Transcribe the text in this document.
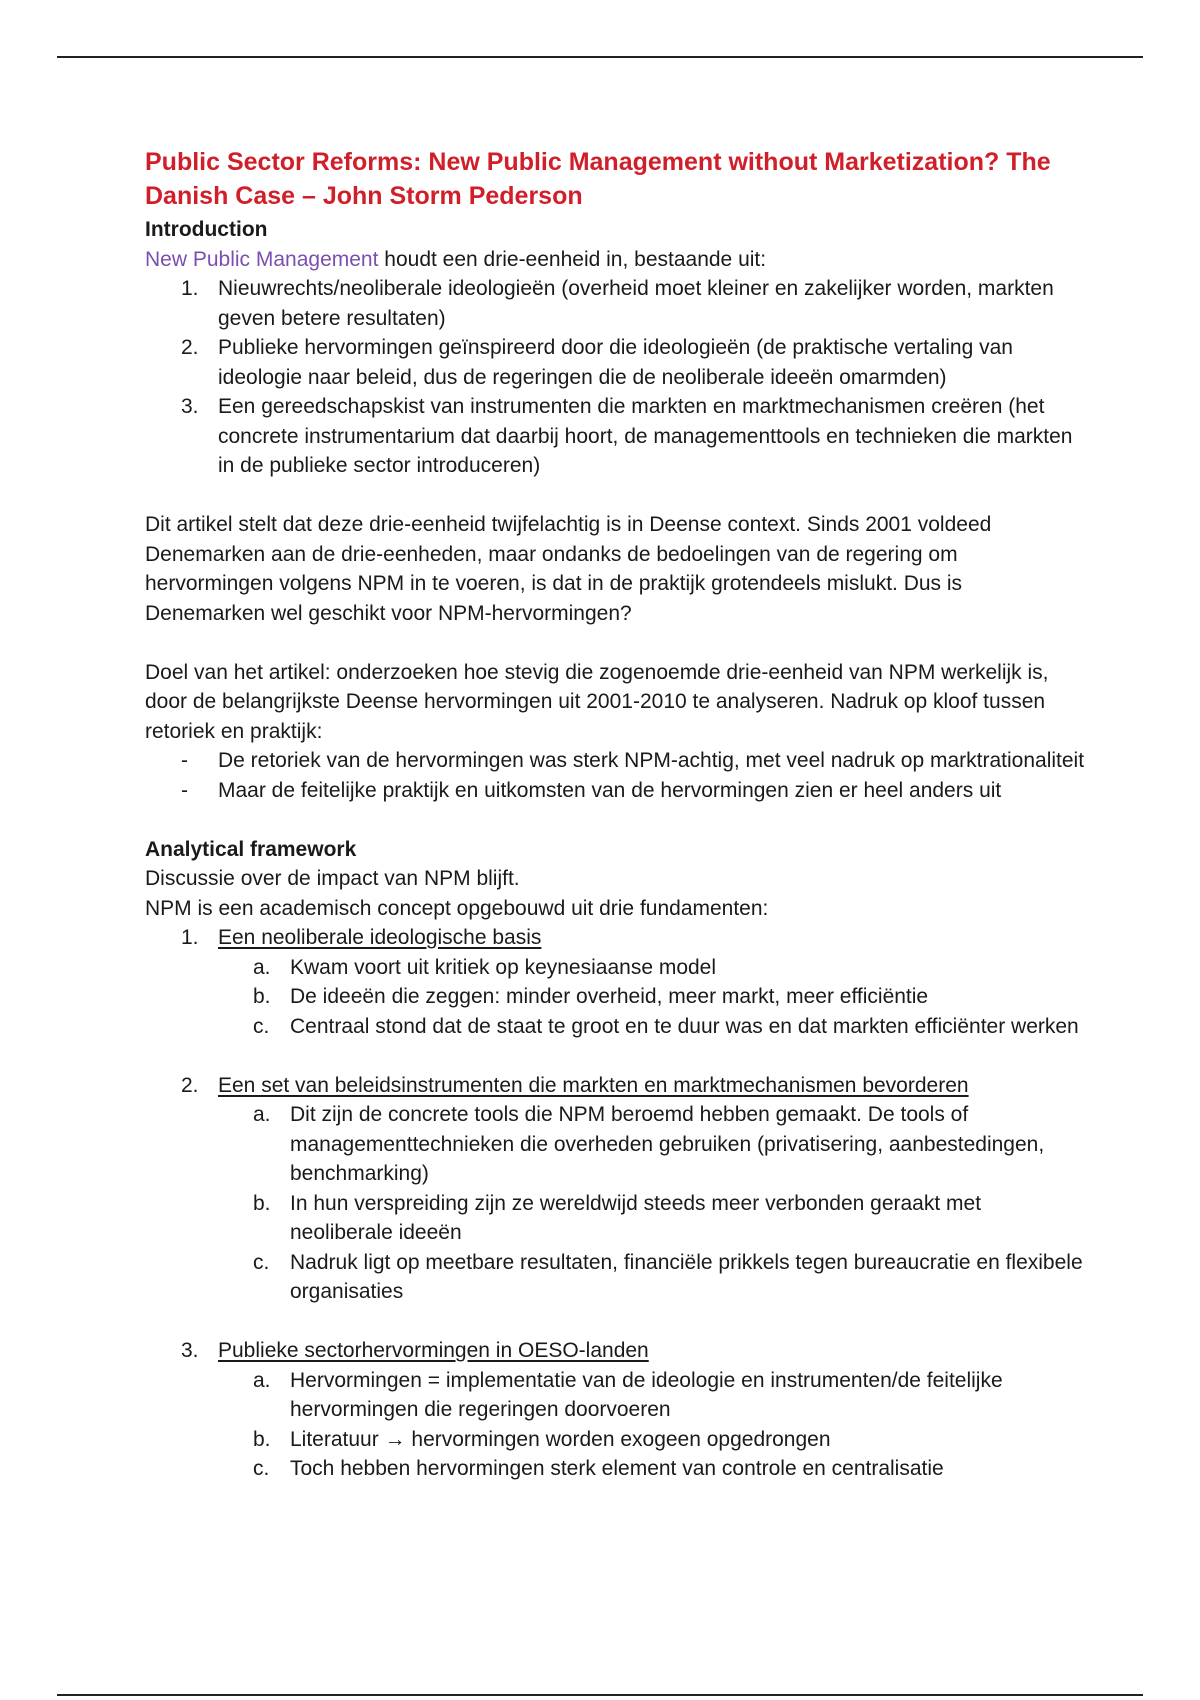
Public Sector Reforms: New Public Management without Marketization? The Danish Case – John Storm Pederson

Introduction

New Public Management houdt een drie-eenheid in, bestaande uit:

1. Nieuwrechts/neoliberale ideologieën (overheid moet kleiner en zakelijker worden, markten geven betere resultaten)
2. Publieke hervormingen geïnspireerd door die ideologieën (de praktische vertaling van ideologie naar beleid, dus de regeringen die de neoliberale ideeën omarmden)
3. Een gereedschapskist van instrumenten die markten en marktmechanismen creëren (het concrete instrumentarium dat daarbij hoort, de managementtools en technieken die markten in de publieke sector introduceren)

Dit artikel stelt dat deze drie-eenheid twijfelachtig is in Deense context. Sinds 2001 voldeed Denemarken aan de drie-eenheden, maar ondanks de bedoelingen van de regering om hervormingen volgens NPM in te voeren, is dat in de praktijk grotendeels mislukt. Dus is Denemarken wel geschikt voor NPM-hervormingen?

Doel van het artikel: onderzoeken hoe stevig die zogenoemde drie-eenheid van NPM werkelijk is, door de belangrijkste Deense hervormingen uit 2001-2010 te analyseren. Nadruk op kloof tussen retoriek en praktijk:

-	De retoriek van de hervormingen was sterk NPM-achtig, met veel nadruk op marktrationaliteit
-	Maar de feitelijke praktijk en uitkomsten van de hervormingen zien er heel anders uit

Analytical framework

Discussie over de impact van NPM blijft.

NPM is een academisch concept opgebouwd uit drie fundamenten:

1. Een neoliberale ideologische basis
a. Kwam voort uit kritiek op keynesiaanse model
b. De ideeën die zeggen: minder overheid, meer markt, meer efficiëntie
c. Centraal stond dat de staat te groot en te duur was en dat markten efficiënter werken
2. Een set van beleidsinstrumenten die markten en marktmechanismen bevorderen
a. Dit zijn de concrete tools die NPM beroemd hebben gemaakt. De tools of managementtechnieken die overheden gebruiken (privatisering, aanbestedingen, benchmarking)
b. In hun verspreiding zijn ze wereldwijd steeds meer verbonden geraakt met neoliberale ideeën
c. Nadruk ligt op meetbare resultaten, financiële prikkels tegen bureaucratie en flexibele organisaties
3. Publieke sectorhervormingen in OESO-landen
a. Hervormingen = implementatie van de ideologie en instrumenten/de feitelijke hervormingen die regeringen doorvoeren
b. Literatuur → hervormingen worden exogeen opgedrongen
c. Toch hebben hervormingen sterk element van controle en centralisatie
